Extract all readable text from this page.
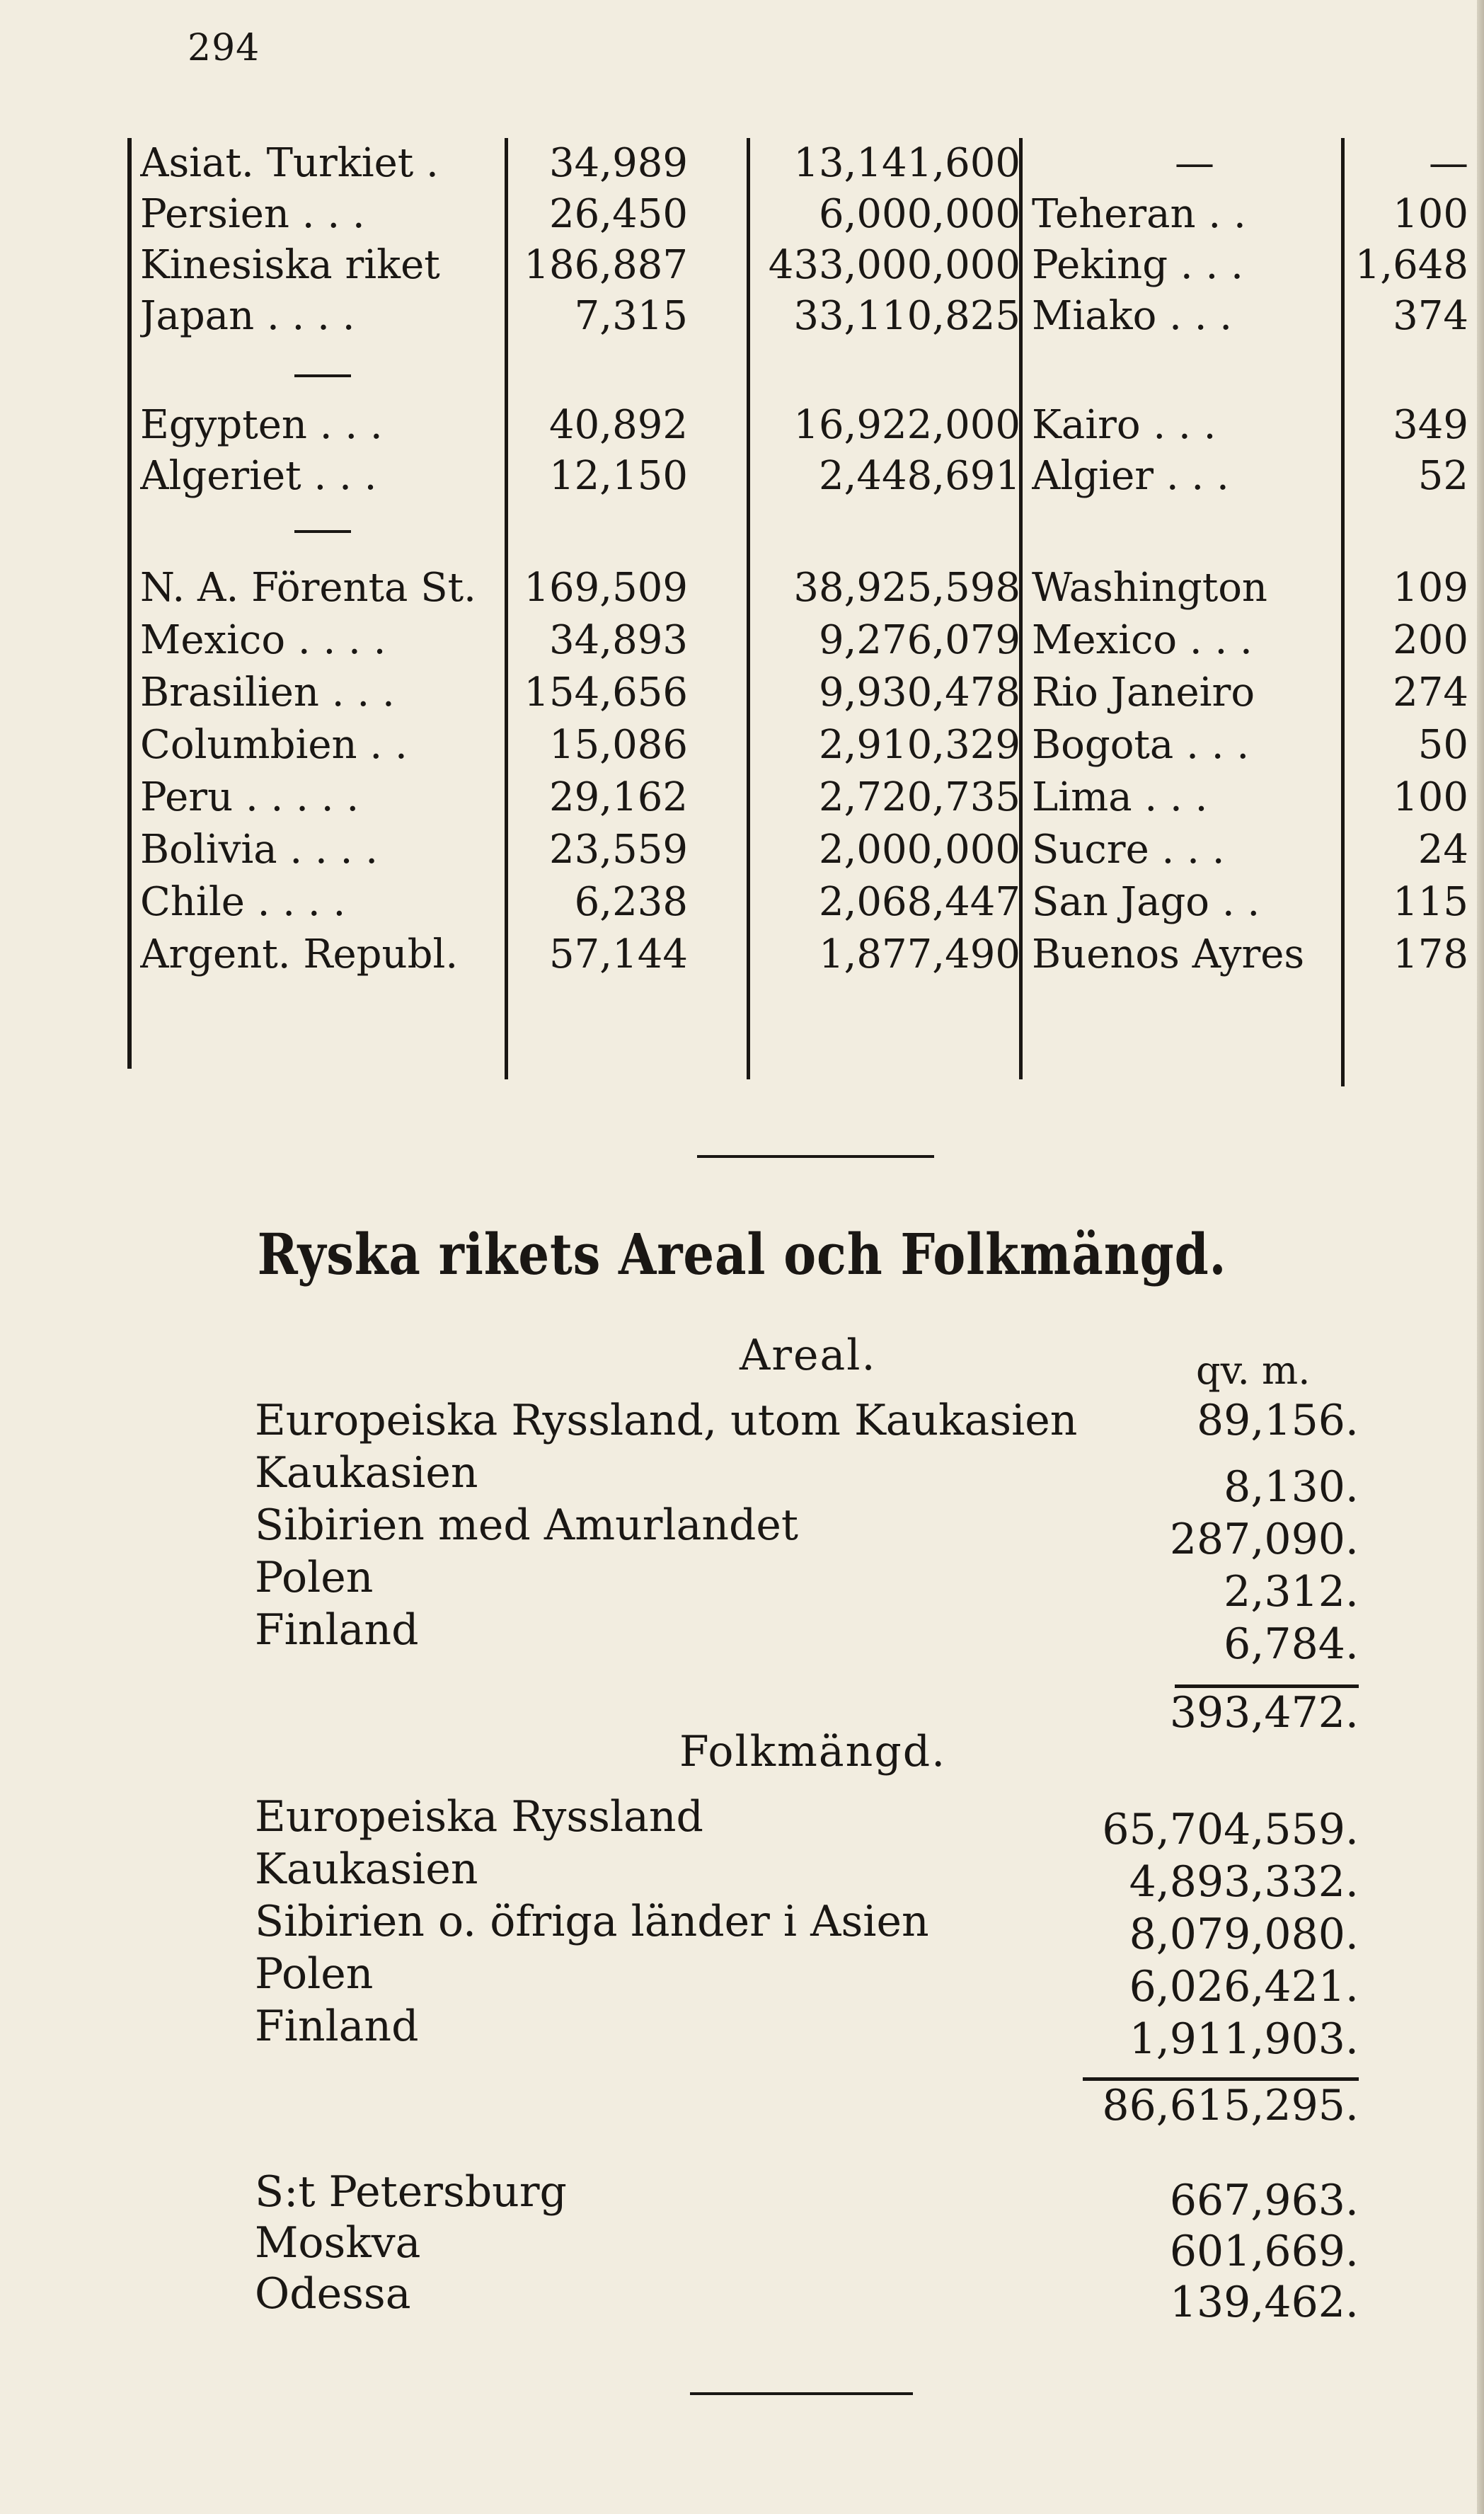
294
Asiat. Turkiet .	34,989	13,141,600	—	—
Persien . . .	26,450	6,000,000 Teheran . .	100
Kinesiska riket	186,887	433,000,000 Peking . . .	1,648
Japan . . . .	7,315	33,110,825 Miako . . .	374
Egypten . . .	40,892	16,922,000 Kairo . . .	349
Algeriet . . .	12,150	2,448,691 Algier . . .	52
N. A. Förenta St.	169,509	38,925,598 Washington	109
Mexico . . . .	34,893	9,276,079 Mexico . . .	200
Brasilien . . .	154,656	9,930,478 Rio Janeiro	274
Columbien . .	15,086	2,910,329 Bogota . . .	50
Peru . . . . .	29,162	2,720,735 Lima . . .	100
Bolivia . . . .	23,559	2,000,000 Sucre . . .	24
Chile . . . .	6,238	2,068,447 San Jago . .	115
Argent. Republ.	57,144	1,877,490 Buenos Ayres	178
Ryska rikets Areal och Folkmängd.
Areal.	qv. m.
Europeiska Ryssland, utom Kaukasien	89,156.
Kaukasien	8,130.
Sibirien med Amurlandet	287,090.
Polen	2,312.
Finland	6,784.
393,472.
Folkmängd.
Europeiska Ryssland	65,704,559.
Kaukasien	4,893,332.
Sibirien o. öfriga länder i Asien	8,079,080.
Polen	6,026,421.
Finland	1,911,903.
86,615,295.
S:t Petersburg	667,963.
Moskva	601,669.
Odessa	139,462.
